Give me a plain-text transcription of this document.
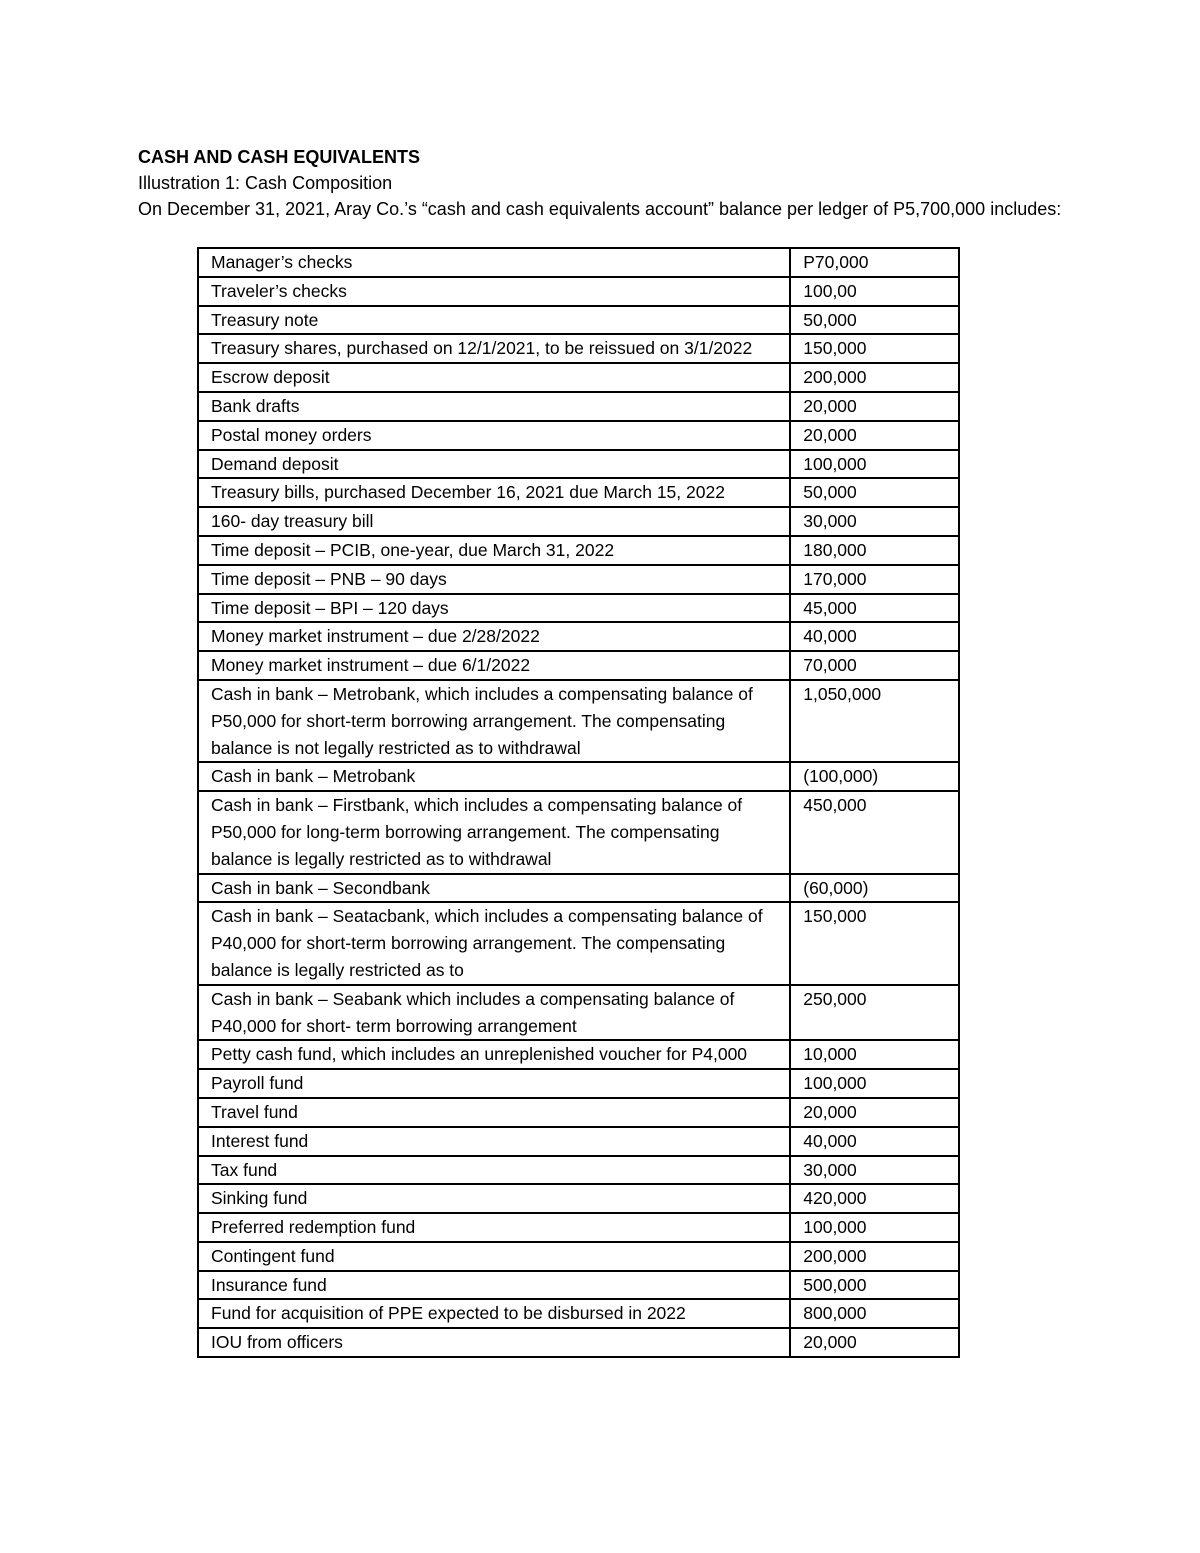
CASH AND CASH EQUIVALENTS

Illustration 1: Cash Composition

On December 31, 2021, Aray Co.’s “cash and cash equivalents account” balance per ledger of P5,700,000 includes:

Manager’s checks	P70,000
Traveler’s checks	100,00
Treasury note	50,000
Treasury shares, purchased on 12/1/2021, to be reissued on 3/1/2022	150,000
Escrow deposit	200,000
Bank drafts	20,000
Postal money orders	20,000
Demand deposit	100,000
Treasury bills, purchased December 16, 2021 due March 15, 2022	50,000
160- day treasury bill	30,000
Time deposit – PCIB, one-year, due March 31, 2022	180,000
Time deposit – PNB – 90 days	170,000
Time deposit – BPI – 120 days	45,000
Money market instrument – due 2/28/2022	40,000
Money market instrument – due 6/1/2022	70,000
Cash in bank – Metrobank, which includes a compensating balance of P50,000 for short-term borrowing arrangement. The compensating balance is not legally restricted as to withdrawal	1,050,000
Cash in bank – Metrobank	(100,000)
Cash in bank – Firstbank, which includes a compensating balance of P50,000 for long-term borrowing arrangement. The compensating balance is legally restricted as to withdrawal	450,000
Cash in bank – Secondbank	(60,000)
Cash in bank – Seatacbank, which includes a compensating balance of P40,000 for short-term borrowing arrangement. The compensating balance is legally restricted as to	150,000
Cash in bank – Seabank which includes a compensating balance of P40,000 for short- term borrowing arrangement	250,000
Petty cash fund, which includes an unreplenished voucher for P4,000	10,000
Payroll fund	100,000
Travel fund	20,000
Interest fund	40,000
Tax fund	30,000
Sinking fund	420,000
Preferred redemption fund	100,000
Contingent fund	200,000
Insurance fund	500,000
Fund for acquisition of PPE expected to be disbursed in 2022	800,000
IOU from officers	20,000
